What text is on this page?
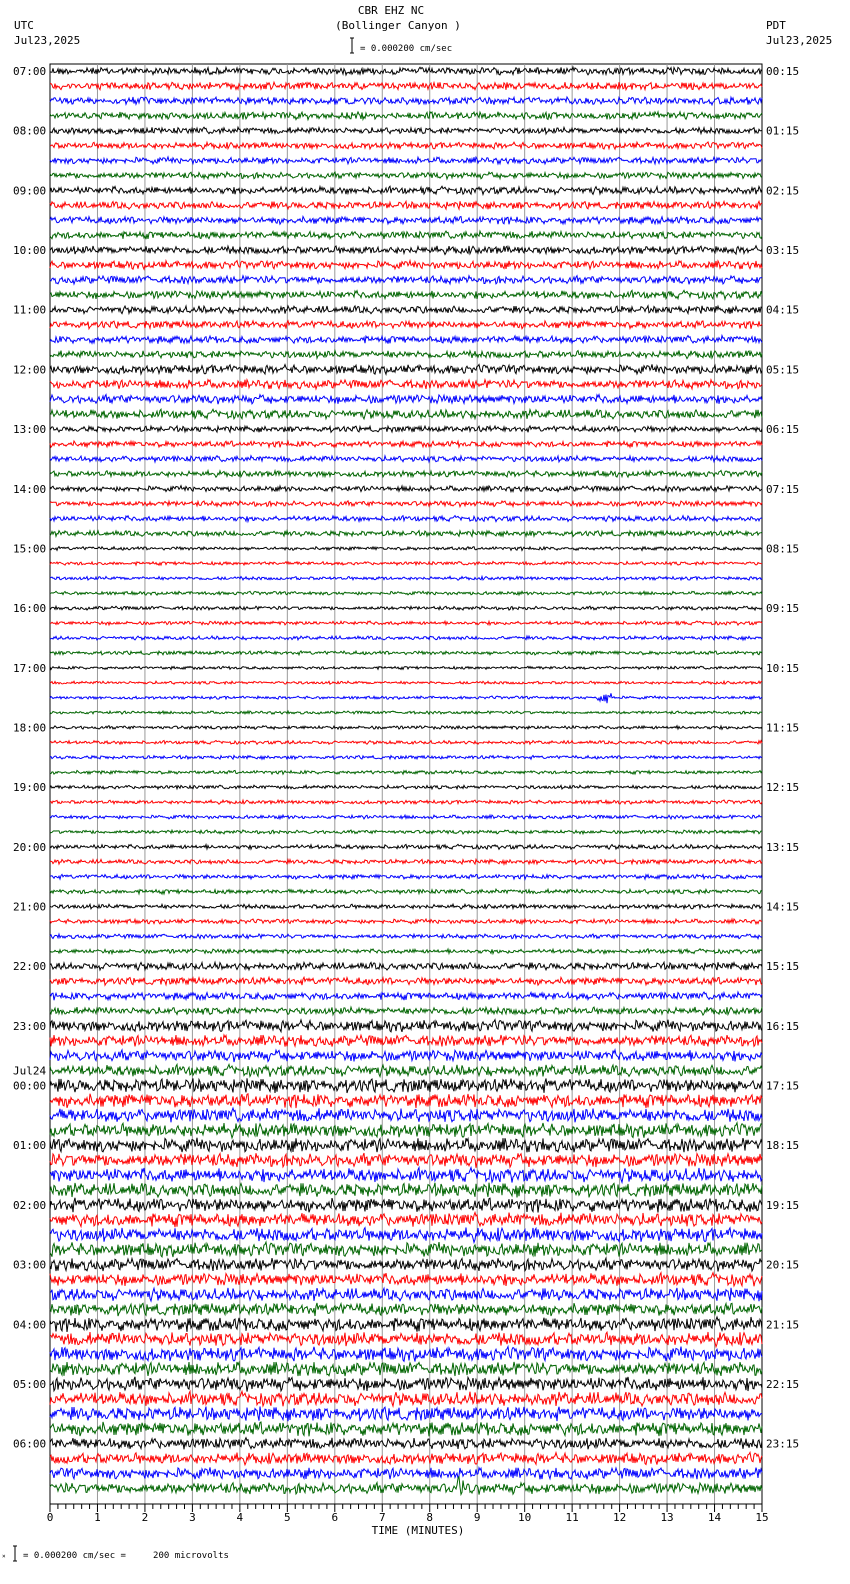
CBR EHZ NC
(Bollinger Canyon )
UTC
Jul23,2025
PDT
Jul23,2025
= 0.000200 cm/sec
07:00	00:15
08:00	01:15
09:00	02:15
10:00	03:15
11:00	04:15
12:00	05:15
13:00	06:15
14:00	07:15
15:00	08:15
16:00	09:15
17:00	10:15
18:00	11:15
19:00	12:15
20:00	13:15
21:00	14:15
22:00	15:15
23:00	16:15
00:00	17:15
Jul24
01:00	18:15
02:00	19:15
03:00	20:15
04:00	21:15
05:00	22:15
06:00	23:15
0	1	2	3	4	5	6	7	8	9	10	11	12	13	14	15
TIME (MINUTES)
× = 0.000200 cm/sec =     200 microvolts
